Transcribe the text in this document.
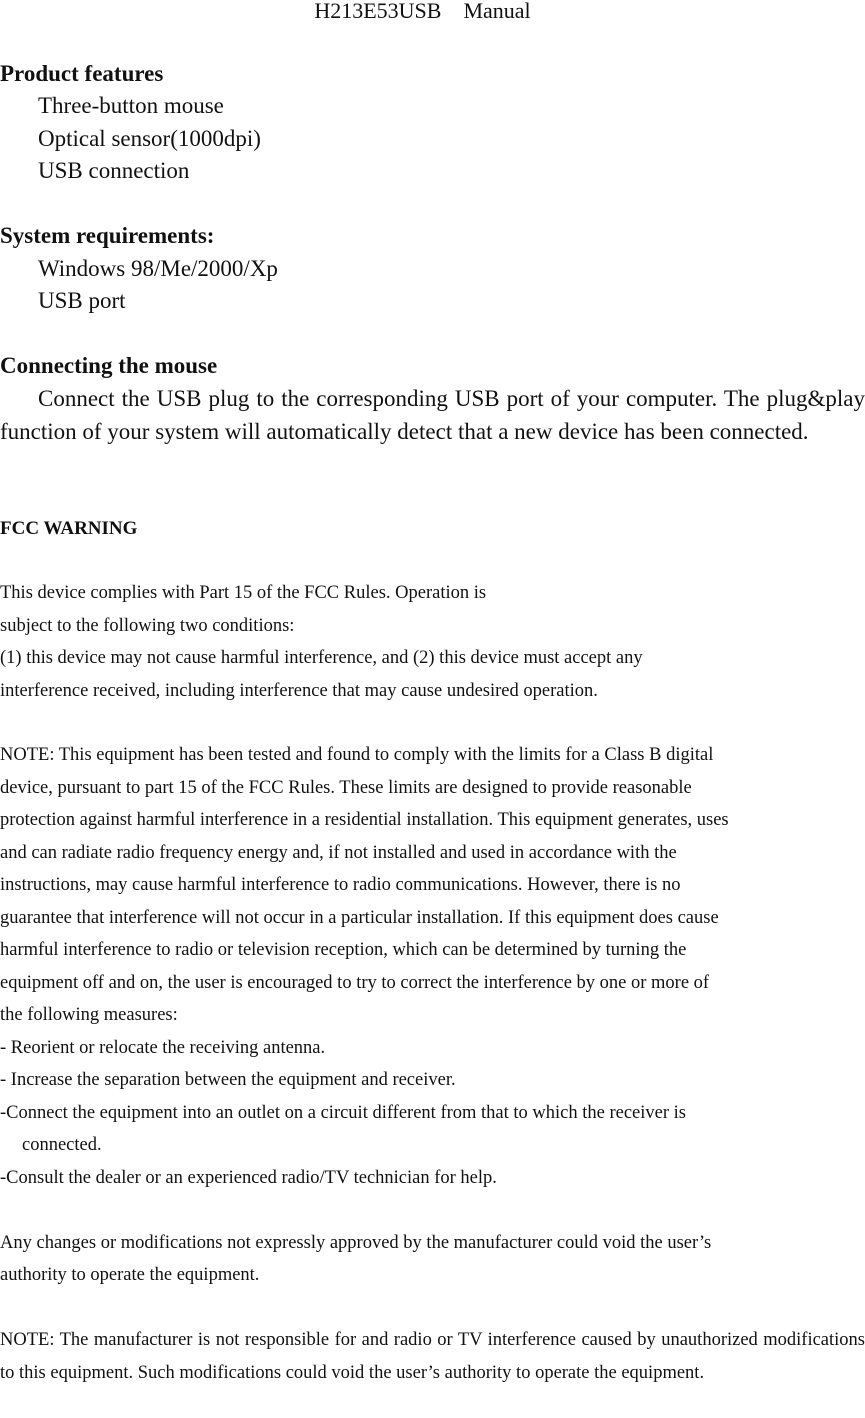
H213E53USB    Manual
Product features
Three-button mouse
Optical sensor(1000dpi)
USB connection
System requirements:
Windows 98/Me/2000/Xp
USB port
Connecting the mouse

Connect the USB plug to the corresponding USB port of your computer. The plug&play function of your system will automatically detect that a new device has been connected.

FCC WARNING
This device complies with Part 15 of the FCC Rules. Operation is
subject to the following two conditions:
(1) this device may not cause harmful interference, and (2) this device must accept any
interference received, including interference that may cause undesired operation.
NOTE: This equipment has been tested and found to comply with the limits for a Class B digital
device, pursuant to part 15 of the FCC Rules. These limits are designed to provide reasonable
protection against harmful interference in a residential installation. This equipment generates, uses
and can radiate radio frequency energy and, if not installed and used in accordance with the
instructions, may cause harmful interference to radio communications. However, there is no
guarantee that interference will not occur in a particular installation. If this equipment does cause
harmful interference to radio or television reception, which can be determined by turning the
equipment off and on, the user is encouraged to try to correct the interference by one or more of
the following measures:
- Reorient or relocate the receiving antenna.
- Increase the separation between the equipment and receiver.
-Connect the equipment into an outlet on a circuit different from that to which the receiver is
connected.
-Consult the dealer or an experienced radio/TV technician for help.
Any changes or modifications not expressly approved by the manufacturer could void the user’s
authority to operate the equipment.

NOTE: The manufacturer is not responsible for and radio or TV interference caused by unauthorized modifications to this equipment. Such modifications could void the user’s authority to operate the equipment.
